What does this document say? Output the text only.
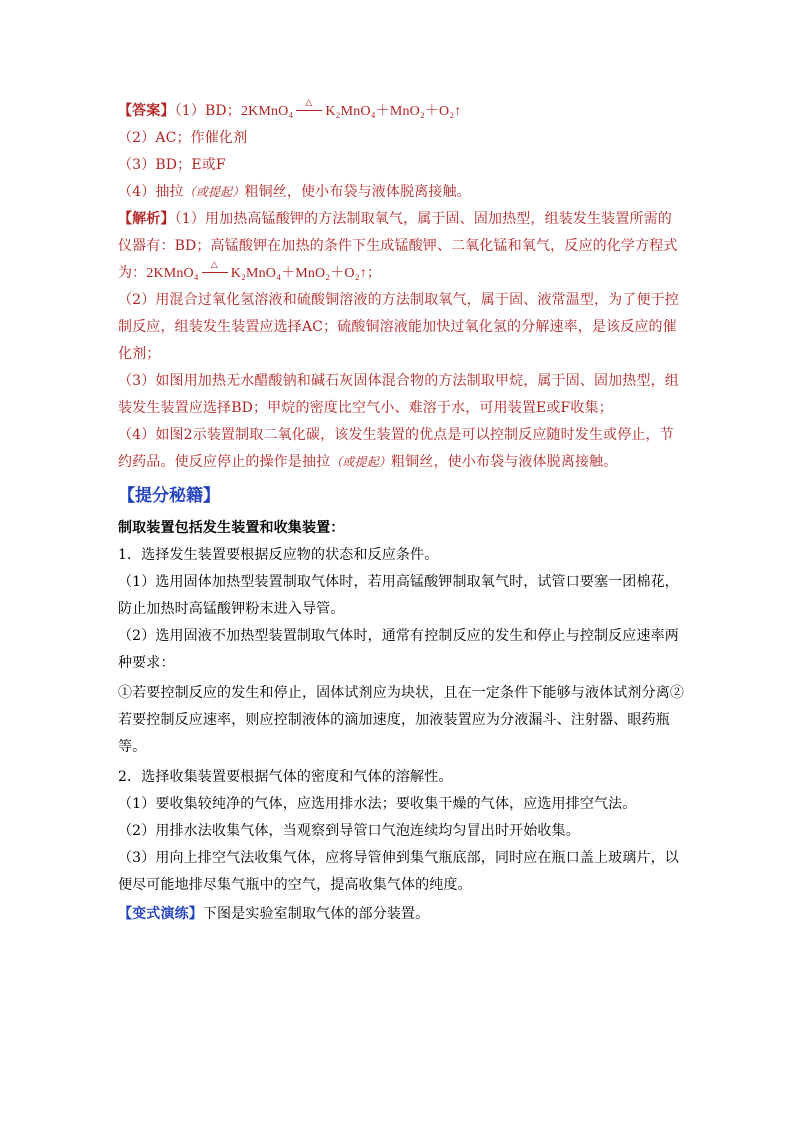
【答案】（1）BD；2KMnO₄
△
K₂MnO₄＋MnO₂＋O₂↑
（2）AC；作催化剂
（3）BD；E或F
（4）抽拉（或提起）粗铜丝，使小布袋与液体脱离接触。
【解析】（1）用加热高锰酸钾的方法制取氧气，属于固、固加热型，组装发生装置所需的
仪器有：BD；高锰酸钾在加热的条件下生成锰酸钾、二氧化锰和氧气，反应的化学方程式
为：2KMnO₄
△
K₂MnO₄＋MnO₂＋O₂↑；
（2）用混合过氧化氢溶液和硫酸铜溶液的方法制取氧气，属于固、液常温型，为了便于控
制反应，组装发生装置应选择AC；硫酸铜溶液能加快过氧化氢的分解速率，是该反应的催
化剂；
（3）如图用加热无水醋酸钠和碱石灰固体混合物的方法制取甲烷，属于固、固加热型，组
装发生装置应选择BD；甲烷的密度比空气小、难溶于水，可用装置E或F收集；
（4）如图2示装置制取二氧化碳，该发生装置的优点是可以控制反应随时发生或停止，节
约药品。使反应停止的操作是抽拉（或提起）粗铜丝，使小布袋与液体脱离接触。
【提分秘籍】
制取装置包括发生装置和收集装置：
1．选择发生装置要根据反应物的状态和反应条件。
（1）选用固体加热型装置制取气体时，若用高锰酸钾制取氧气时，试管口要塞一团棉花，
防止加热时高锰酸钾粉末进入导管。
（2）选用固液不加热型装置制取气体时，通常有控制反应的发生和停止与控制反应速率两
种要求：
①若要控制反应的发生和停止，固体试剂应为块状，且在一定条件下能够与液体试剂分离②
若要控制反应速率，则应控制液体的滴加速度，加液装置应为分液漏斗、注射器、眼药瓶
等。
2．选择收集装置要根据气体的密度和气体的溶解性。
（1）要收集较纯净的气体，应选用排水法；要收集干燥的气体，应选用排空气法。
（2）用排水法收集气体，当观察到导管口气泡连续均匀冒出时开始收集。
（3）用向上排空气法收集气体，应将导管伸到集气瓶底部，同时应在瓶口盖上玻璃片，以
便尽可能地排尽集气瓶中的空气，提高收集气体的纯度。
【变式演练】下图是实验室制取气体的部分装置。
